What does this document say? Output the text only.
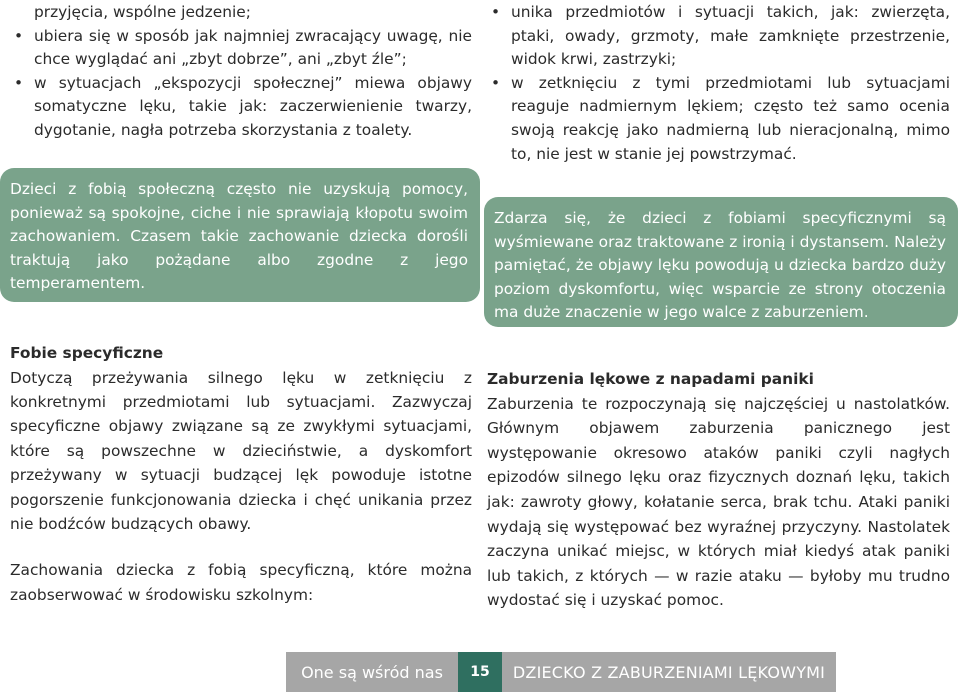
przyjęcia, wspólne jedzenie;

• ubiera się w sposób jak najmniej zwracający uwagę, nie chce wyglądać ani „zbyt dobrze”, ani „zbyt źle”;
• w sytuacjach „ekspozycji społecznej” miewa objawy somatyczne lęku, takie jak: zaczerwienienie twarzy, dygotanie, nagła potrzeba skorzystania z toalety.
Dzieci z fobią społeczną często nie uzyskują pomocy, ponieważ są spokojne, ciche i nie sprawiają kłopotu swoim zachowaniem. Czasem takie zachowanie dziecka dorośli traktują jako pożądane albo zgodne z jego temperamentem.
Fobie specyficzne

Dotyczą przeżywania silnego lęku w zetknięciu z konkretnymi przedmiotami lub sytuacjami. Zazwyczaj specyficzne objawy związane są ze zwykłymi sytuacjami, które są powszechne w dzieciństwie, a dyskomfort przeżywany w sytuacji budzącej lęk powoduje istotne pogorszenie funkcjonowania dziecka i chęć unikania przez nie bodźców budzących obawy.

Zachowania dziecka z fobią specyficzną, które można zaobserwować w środowisku szkolnym:

• unika przedmiotów i sytuacji takich, jak: zwierzęta, ptaki, owady, grzmoty, małe zamknięte przestrzenie, widok krwi, zastrzyki;
• w zetknięciu z tymi przedmiotami lub sytuacjami reaguje nadmiernym lękiem; często też samo ocenia swoją reakcję jako nadmierną lub nieracjonalną, mimo to, nie jest w stanie jej powstrzymać.
Zdarza się, że dzieci z fobiami specyficznymi są wyśmiewane oraz traktowane z ironią i dystansem. Należy pamiętać, że objawy lęku powodują u dziecka bardzo duży poziom dyskomfortu, więc wsparcie ze strony otoczenia ma duże znaczenie w jego walce z zaburzeniem.
Zaburzenia lękowe z napadami paniki

Zaburzenia te rozpoczynają się najczęściej u nastolatków. Głównym objawem zaburzenia panicznego jest występowanie okresowo ataków paniki czyli nagłych epizodów silnego lęku oraz fizycznych doznań lęku, takich jak: zawroty głowy, kołatanie serca, brak tchu. Ataki paniki wydają się występować bez wyraźnej przyczyny. Nastolatek zaczyna unikać miejsc, w których miał kiedyś atak paniki lub takich, z których — w razie ataku — byłoby mu trudno wydostać się i uzyskać pomoc.

One są wśród nas	15	DZIECKO Z ZABURZENIAMI LĘKOWYMI
